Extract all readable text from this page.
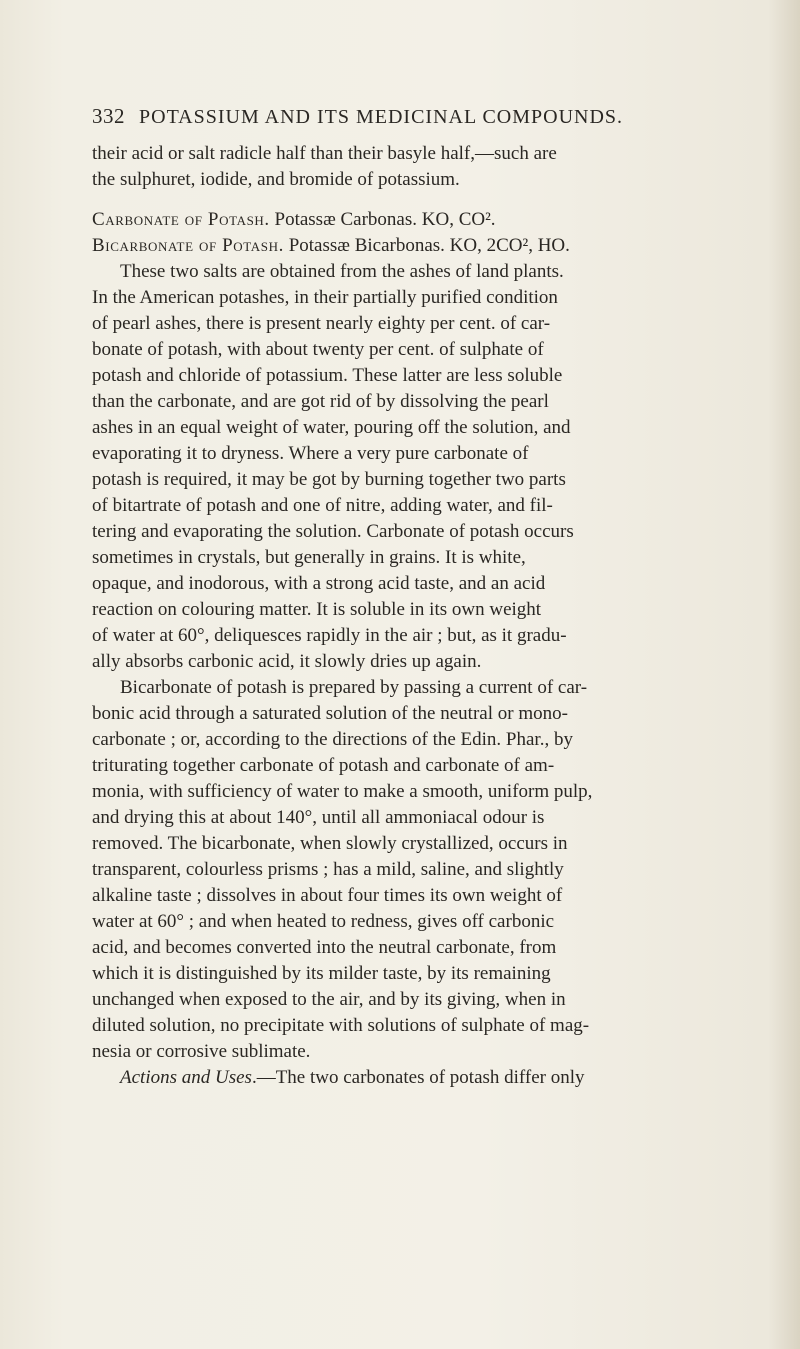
332 POTASSIUM AND ITS MEDICINAL COMPOUNDS.
their acid or salt radicle half than their basyle half,—such are
the sulphuret, iodide, and bromide of potassium.
Carbonate of Potash. Potassæ Carbonas. KO, CO².
Bicarbonate of Potash. Potassæ Bicarbonas. KO, 2CO², HO.
These two salts are obtained from the ashes of land plants.
In the American potashes, in their partially purified condition
of pearl ashes, there is present nearly eighty per cent. of car-
bonate of potash, with about twenty per cent. of sulphate of
potash and chloride of potassium. These latter are less soluble
than the carbonate, and are got rid of by dissolving the pearl
ashes in an equal weight of water, pouring off the solution, and
evaporating it to dryness. Where a very pure carbonate of
potash is required, it may be got by burning together two parts
of bitartrate of potash and one of nitre, adding water, and fil-
tering and evaporating the solution. Carbonate of potash occurs
sometimes in crystals, but generally in grains. It is white,
opaque, and inodorous, with a strong acid taste, and an acid
reaction on colouring matter. It is soluble in its own weight
of water at 60°, deliquesces rapidly in the air ; but, as it gradu-
ally absorbs carbonic acid, it slowly dries up again.
Bicarbonate of potash is prepared by passing a current of car-
bonic acid through a saturated solution of the neutral or mono-
carbonate ; or, according to the directions of the Edin. Phar., by
triturating together carbonate of potash and carbonate of am-
monia, with sufficiency of water to make a smooth, uniform pulp,
and drying this at about 140°, until all ammoniacal odour is
removed. The bicarbonate, when slowly crystallized, occurs in
transparent, colourless prisms ; has a mild, saline, and slightly
alkaline taste ; dissolves in about four times its own weight of
water at 60° ; and when heated to redness, gives off carbonic
acid, and becomes converted into the neutral carbonate, from
which it is distinguished by its milder taste, by its remaining
unchanged when exposed to the air, and by its giving, when in
diluted solution, no precipitate with solutions of sulphate of mag-
nesia or corrosive sublimate.
Actions and Uses.—The two carbonates of potash differ only
